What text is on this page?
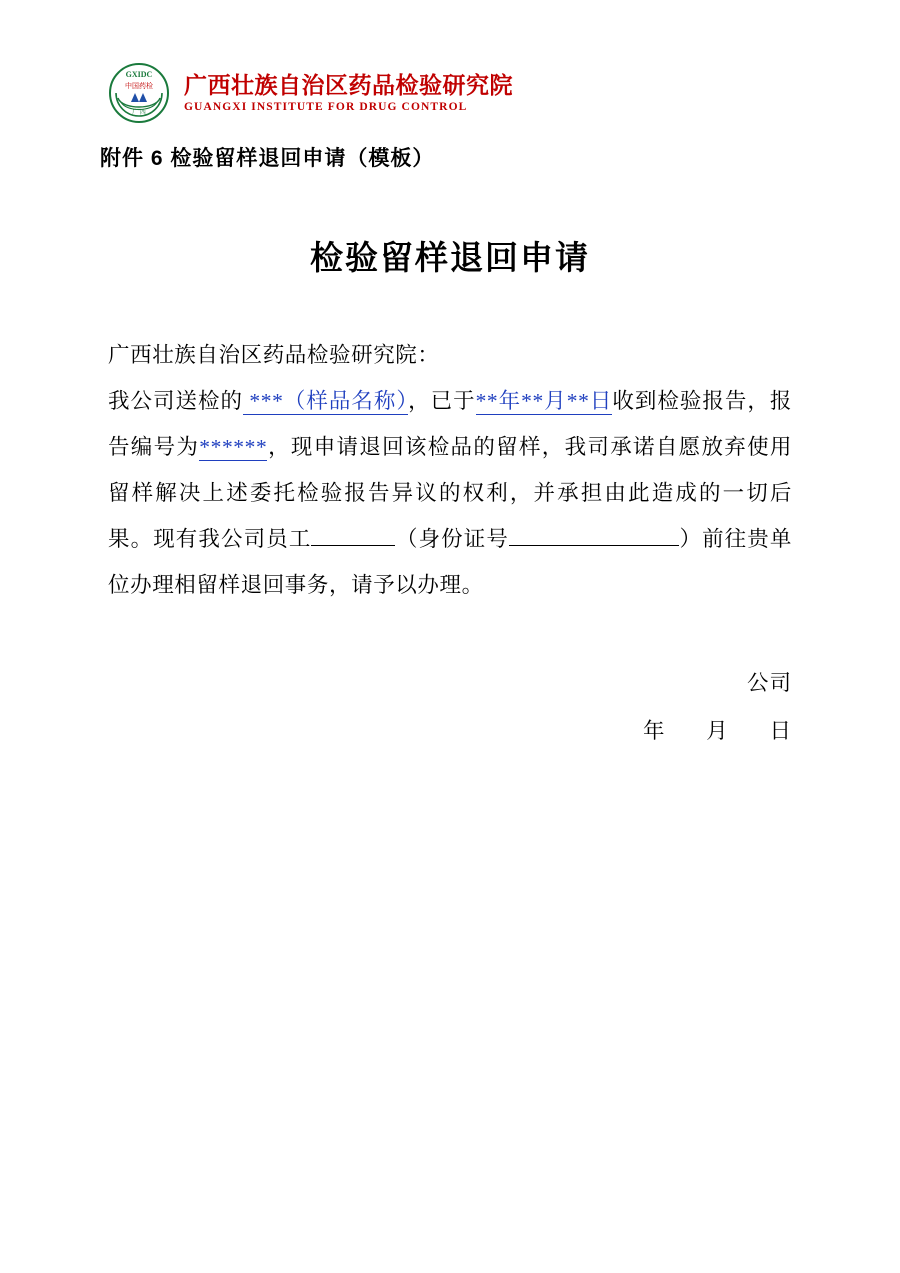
GXIDC
中国药检
广 西
广西壮族自治区药品检验研究院
GUANGXI INSTITUTE FOR DRUG CONTROL
附件 6 检验留样退回申请（模板）
检验留样退回申请
广西壮族自治区药品检验研究院：
我公司送检的 ***（样品名称），已于**年**月**日收到检验报告，报告编号为******，现申请退回该检品的留样，我司承诺自愿放弃使用留样解决上述委托检验报告异议的权利，并承担由此造成的一切后果。现有我公司员工	（身份证号	）前往贵单位办理相留样退回事务，请予以办理。
公司
年 月 日
